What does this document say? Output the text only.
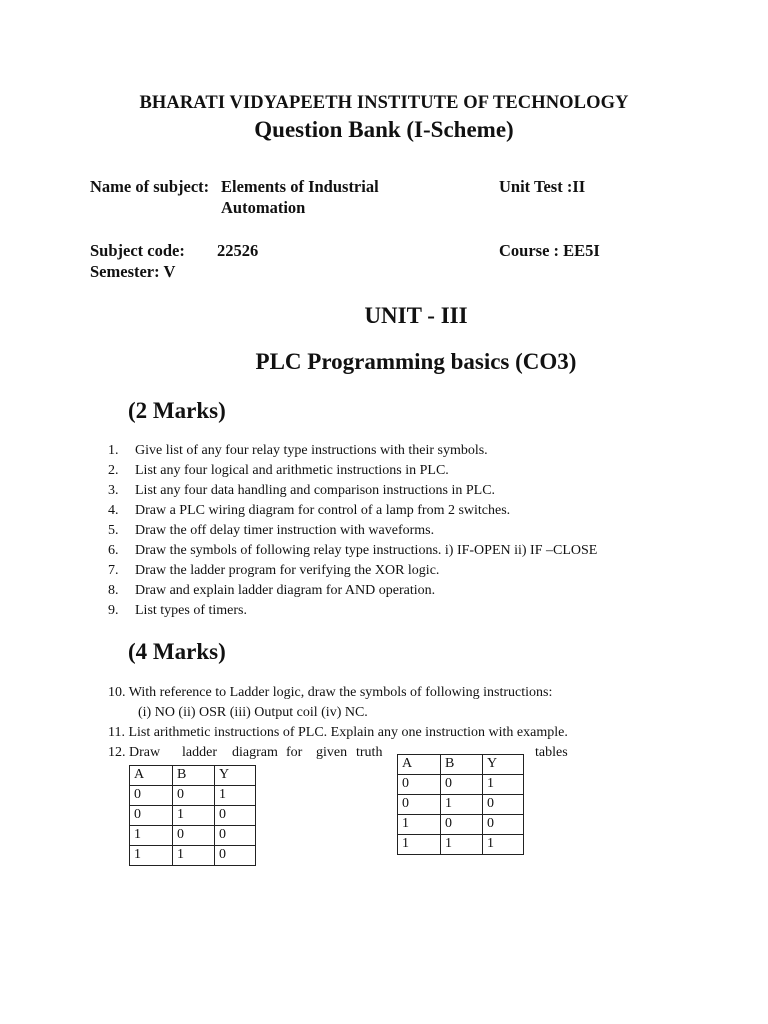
BHARATI VIDYAPEETH INSTITUTE OF TECHNOLOGY
Question Bank (I-Scheme)
Name of subject: Elements of Industrial
Automation
Unit Test :II
Subject code: 22526	Course : EE5I
Semester: V
UNIT - III
PLC Programming basics (CO3)
(2 Marks)
1.	Give list of any four relay type instructions with their symbols.
2.	List any four logical and arithmetic instructions in PLC.
3.	List any four data handling and comparison instructions in PLC.
4.	Draw a PLC wiring diagram for control of a lamp from 2 switches.
5.	Draw the off delay timer instruction with waveforms.
6.	Draw the symbols of following relay type instructions. i) IF-OPEN ii) IF –CLOSE
7.	Draw the ladder program for verifying the XOR logic.
8.	Draw and explain ladder diagram for AND operation.
9.	List types of timers.
(4 Marks)
10. With reference to Ladder logic, draw the symbols of following instructions:
(i) NO (ii) OSR (iii) Output coil (iv) NC.
11. List arithmetic instructions of PLC. Explain any one instruction with example.
12. Draw ladder diagram for given truth	tables
A	B	Y
0	0	1
0	1	0
1	0	0
1	1	0
A	B	Y
0	0	1
0	1	0
1	0	0
1	1	1
